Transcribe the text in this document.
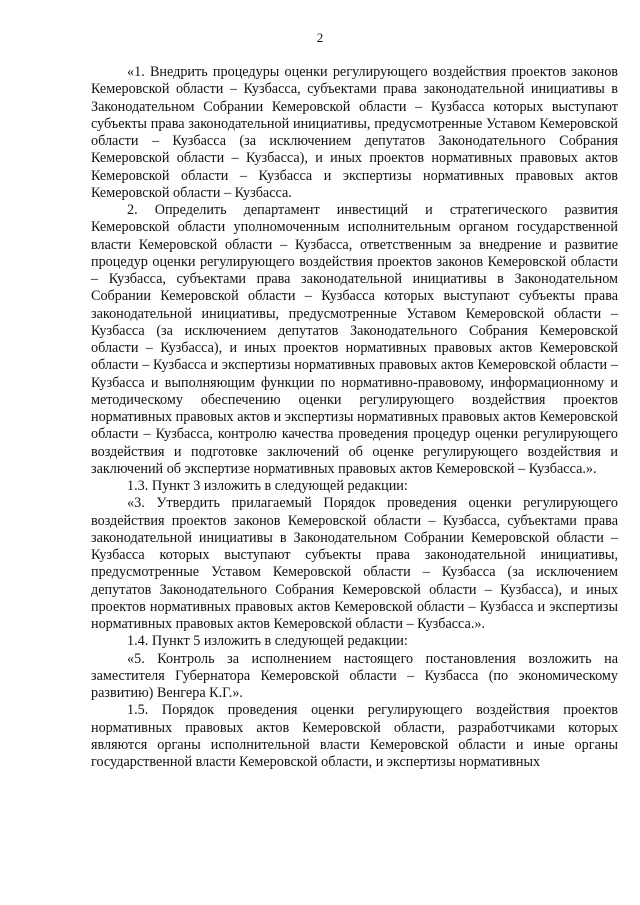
2

«1. Внедрить процедуры оценки регулирующего воздействия проектов законов Кемеровской области – Кузбасса, субъектами права законодательной инициативы в Законодательном Собрании Кемеровской области – Кузбасса которых выступают субъекты права законодательной инициативы, предусмотренные Уставом Кемеровской области – Кузбасса (за исключением депутатов Законодательного Собрания Кемеровской области – Кузбасса), и иных проектов нормативных правовых актов Кемеровской области – Кузбасса и экспертизы нормативных правовых актов Кемеровской области – Кузбасса.

2. Определить департамент инвестиций и стратегического развития Кемеровской области уполномоченным исполнительным органом государственной власти Кемеровской области – Кузбасса, ответственным за внедрение и развитие процедур оценки регулирующего воздействия проектов законов Кемеровской области – Кузбасса, субъектами права законодательной инициативы в Законодательном Собрании Кемеровской области – Кузбасса которых выступают субъекты права законодательной инициативы, предусмотренные Уставом Кемеровской области – Кузбасса (за исключением депутатов Законодательного Собрания Кемеровской области – Кузбасса), и иных проектов нормативных правовых актов Кемеровской области – Кузбасса и экспертизы нормативных правовых актов Кемеровской области – Кузбасса и выполняющим функции по нормативно-правовому, информационному и методическому обеспечению оценки регулирующего воздействия проектов нормативных правовых актов и экспертизы нормативных правовых актов Кемеровской области – Кузбасса, контролю качества проведения процедур оценки регулирующего воздействия и подготовке заключений об оценке регулирующего воздействия и заключений об экспертизе нормативных правовых актов Кемеровской – Кузбасса.».

1.3. Пункт 3 изложить в следующей редакции:

«3. Утвердить прилагаемый Порядок проведения оценки регулирующего воздействия проектов законов Кемеровской области – Кузбасса, субъектами права законодательной инициативы в Законодательном Собрании Кемеровской области – Кузбасса которых выступают субъекты права законодательной инициативы, предусмотренные Уставом Кемеровской области – Кузбасса (за исключением депутатов Законодательного Собрания Кемеровской области – Кузбасса), и иных проектов нормативных правовых актов Кемеровской области – Кузбасса и экспертизы нормативных правовых актов Кемеровской области – Кузбасса.».

1.4. Пункт 5 изложить в следующей редакции:

«5. Контроль за исполнением настоящего постановления возложить на заместителя Губернатора Кемеровской области – Кузбасса (по экономическому развитию) Венгера К.Г.».

1.5. Порядок проведения оценки регулирующего воздействия проектов нормативных правовых актов Кемеровской области, разработчиками которых являются органы исполнительной власти Кемеровской области и иные органы государственной власти Кемеровской области, и экспертизы нормативных
